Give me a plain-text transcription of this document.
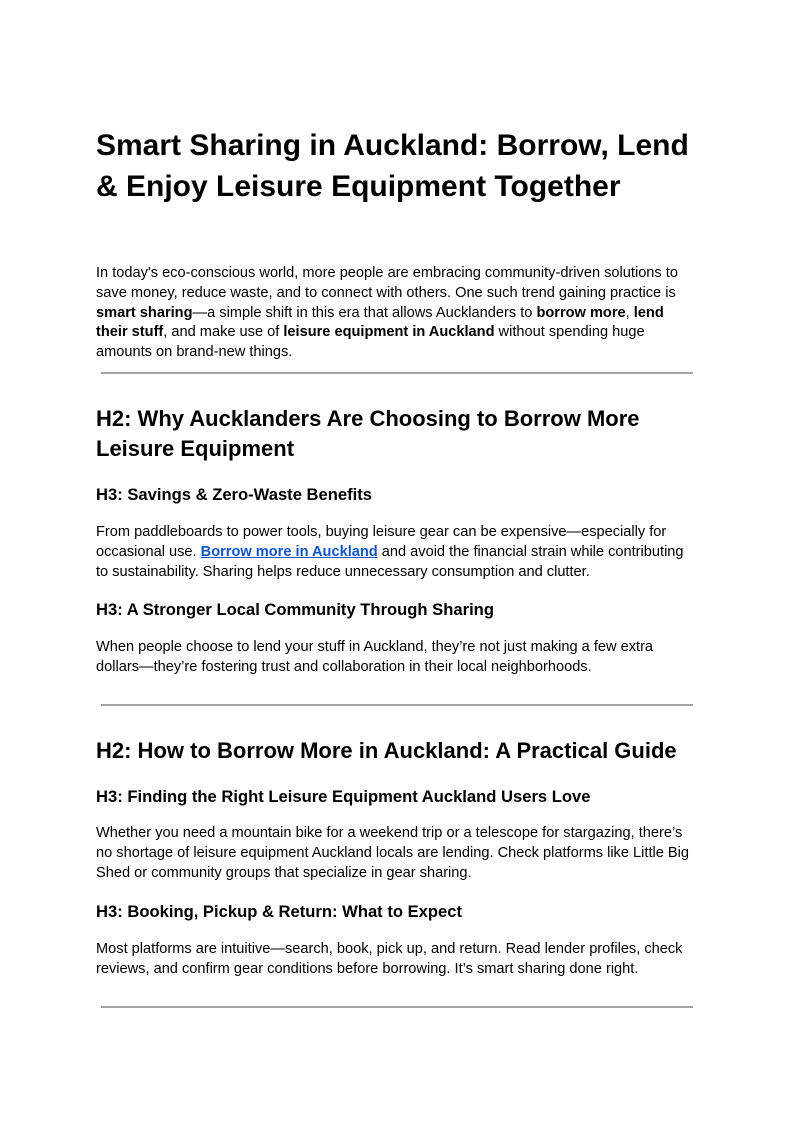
Smart Sharing in Auckland: Borrow, Lend & Enjoy Leisure Equipment Together

In today's eco-conscious world, more people are embracing community-driven solutions to save money, reduce waste, and to connect with others. One such trend gaining practice is smart sharing—a simple shift in this era that allows Aucklanders to borrow more, lend their stuff, and make use of leisure equipment in Auckland without spending huge amounts on brand-new things.

H2: Why Aucklanders Are Choosing to Borrow More Leisure Equipment
H3: Savings & Zero-Waste Benefits

From paddleboards to power tools, buying leisure gear can be expensive—especially for occasional use. Borrow more in Auckland and avoid the financial strain while contributing to sustainability. Sharing helps reduce unnecessary consumption and clutter.

H3: A Stronger Local Community Through Sharing

When people choose to lend your stuff in Auckland, they’re not just making a few extra dollars—they’re fostering trust and collaboration in their local neighborhoods.

H2: How to Borrow More in Auckland: A Practical Guide
H3: Finding the Right Leisure Equipment Auckland Users Love

Whether you need a mountain bike for a weekend trip or a telescope for stargazing, there’s no shortage of leisure equipment Auckland locals are lending. Check platforms like Little Big Shed or community groups that specialize in gear sharing.

H3: Booking, Pickup & Return: What to Expect

Most platforms are intuitive—search, book, pick up, and return. Read lender profiles, check reviews, and confirm gear conditions before borrowing. It’s smart sharing done right.
